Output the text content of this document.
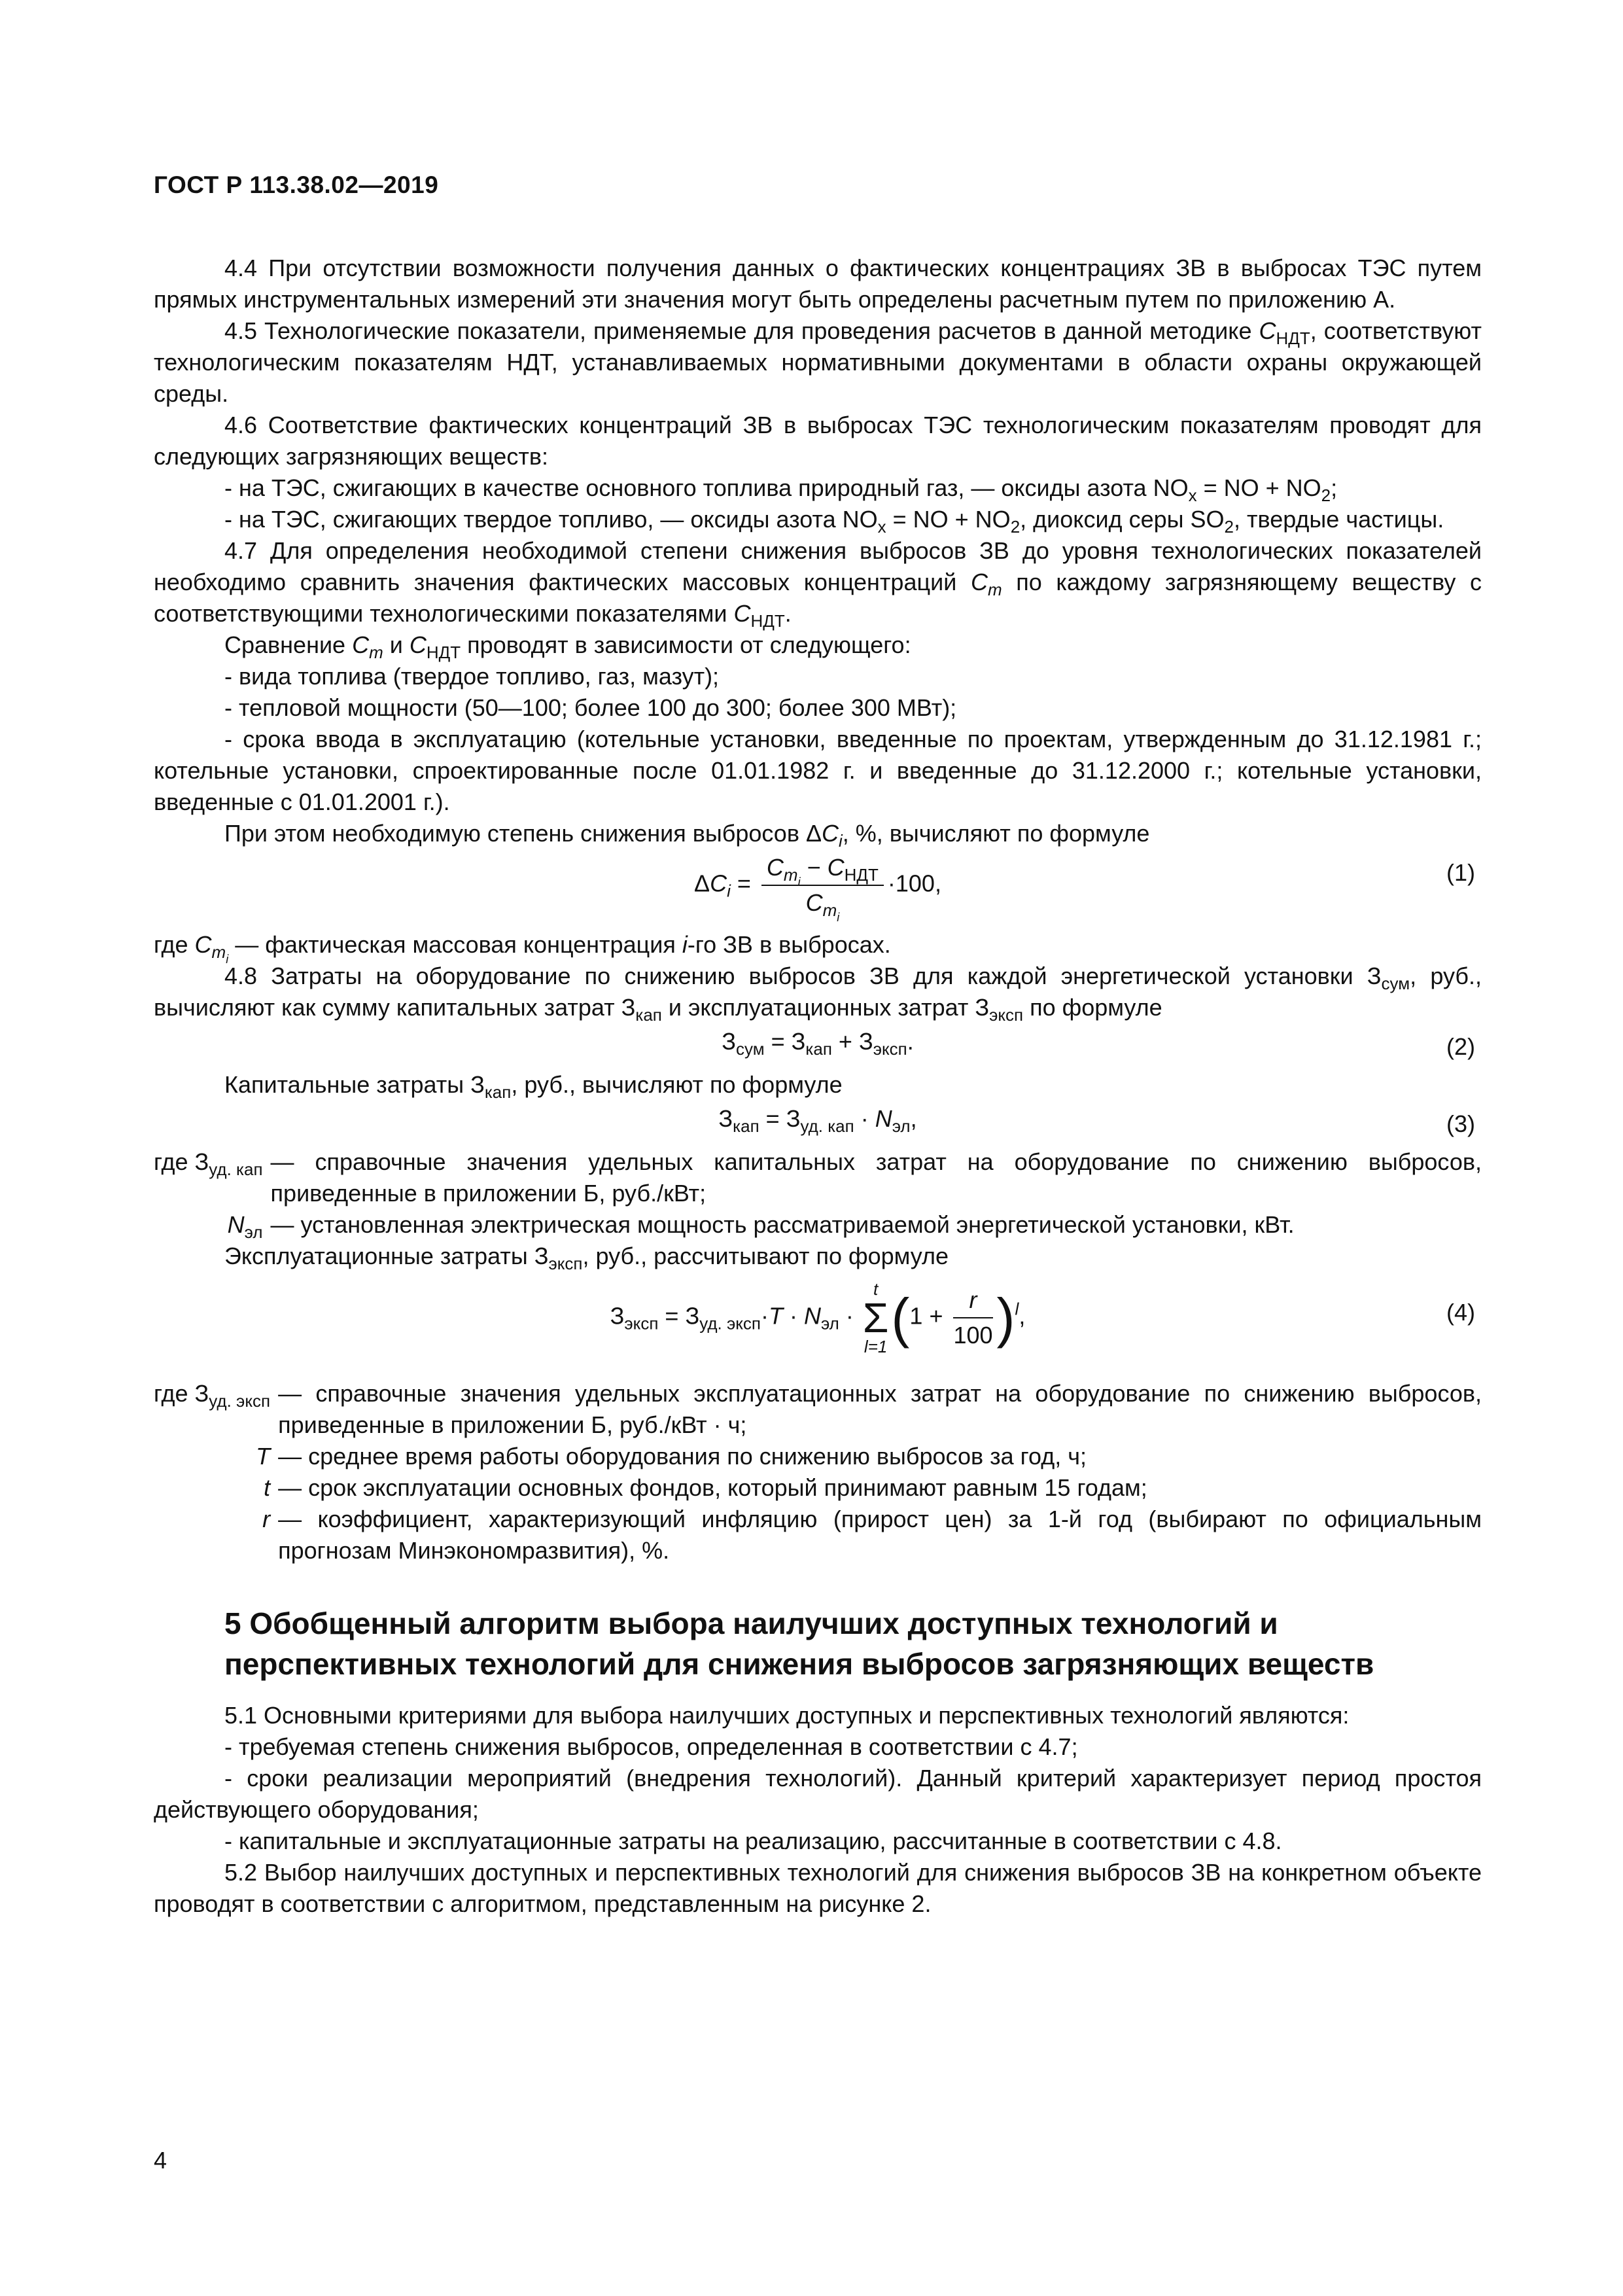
ГОСТ Р 113.38.02—2019

4.4 При отсутствии возможности получения данных о фактических концентрациях ЗВ в выбросах ТЭС путем прямых инструментальных измерений эти значения могут быть определены расчетным путем по приложению А.

4.5 Технологические показатели, применяемые для проведения расчетов в данной методике $C_{НДТ}$, соответствуют технологическим показателям НДТ, устанавливаемых нормативными документами в области охраны окружающей среды.

4.6 Соответствие фактических концентраций ЗВ в выбросах ТЭС технологическим показателям проводят для следующих загрязняющих веществ:

- на ТЭС, сжигающих в качестве основного топлива природный газ, — оксиды азота $NO_x$ = NO + $NO_2$;

- на ТЭС, сжигающих твердое топливо, — оксиды азота $NO_x$ = NO + $NO_2$, диоксид серы $SO_2$, твердые частицы.

4.7 Для определения необходимой степени снижения выбросов ЗВ до уровня технологических показателей необходимо сравнить значения фактических массовых концентраций $C_m$ по каждому загрязняющему веществу с соответствующими технологическими показателями $C_{НДТ}$.

Сравнение $C_m$ и $C_{НДТ}$ проводят в зависимости от следующего:

- вида топлива (твердое топливо, газ, мазут);

- тепловой мощности (50—100; более 100 до 300; более 300 МВт);

- срока ввода в эксплуатацию (котельные установки, введенные по проектам, утвержденным до 31.12.1981 г.; котельные установки, спроектированные после 01.01.1982 г. и введенные до 31.12.2000 г.; котельные установки, введенные с 01.01.2001 г.).

При этом необходимую степень снижения выбросов $\Delta C_i$, %, вычисляют по формуле

$\Delta C_i = \frac{C_{m_i} - C_{НДТ}}{C_{m_i}} \cdot 100$,	(1)

где $C_{m_i}$ — фактическая массовая концентрация i-го ЗВ в выбросах.

4.8 Затраты на оборудование по снижению выбросов ЗВ для каждой энергетической установки $З_{сум}$, руб., вычисляют как сумму капитальных затрат $З_{кап}$ и эксплуатационных затрат $З_{эксп}$ по формуле

$З_{сум} = З_{кап} + З_{эксп}$.	(2)

Капитальные затраты $З_{кап}$, руб., вычисляют по формуле

$З_{кап} = З_{уд. кап} \cdot N_{эл}$,	(3)
где $З_{уд. кап}$ — справочные значения удельных капитальных затрат на оборудование по снижению выбросов, приведенные в приложении Б, руб./кВт;
$N_{эл}$ — установленная электрическая мощность рассматриваемой энергетической установки, кВт.

Эксплуатационные затраты $З_{эксп}$, руб., рассчитывают по формуле

$З_{эксп} = З_{уд. эксп}\cdot T \cdot N_{эл} \cdot t$
Σ
$l=1(1 + \frac{r}{100} )^l$,	(4)
где $З_{уд. эксп}$ — справочные значения удельных эксплуатационных затрат на оборудование по снижению выбросов, приведенные в приложении Б, руб./кВт · ч;
T — среднее время работы оборудования по снижению выбросов за год, ч;
t — срок эксплуатации основных фондов, который принимают равным 15 годам;
r — коэффициент, характеризующий инфляцию (прирост цен) за 1-й год (выбирают по официальным прогнозам Минэкономразвития), %.
5 Обобщенный алгоритм выбора наилучших доступных технологий и перспективных технологий для снижения выбросов загрязняющих веществ

5.1 Основными критериями для выбора наилучших доступных и перспективных технологий являются:

- требуемая степень снижения выбросов, определенная в соответствии с 4.7;

- сроки реализации мероприятий (внедрения технологий). Данный критерий характеризует период простоя действующего оборудования;

- капитальные и эксплуатационные затраты на реализацию, рассчитанные в соответствии с 4.8.

5.2 Выбор наилучших доступных и перспективных технологий для снижения выбросов ЗВ на конкретном объекте проводят в соответствии с алгоритмом, представленным на рисунке 2.

4
